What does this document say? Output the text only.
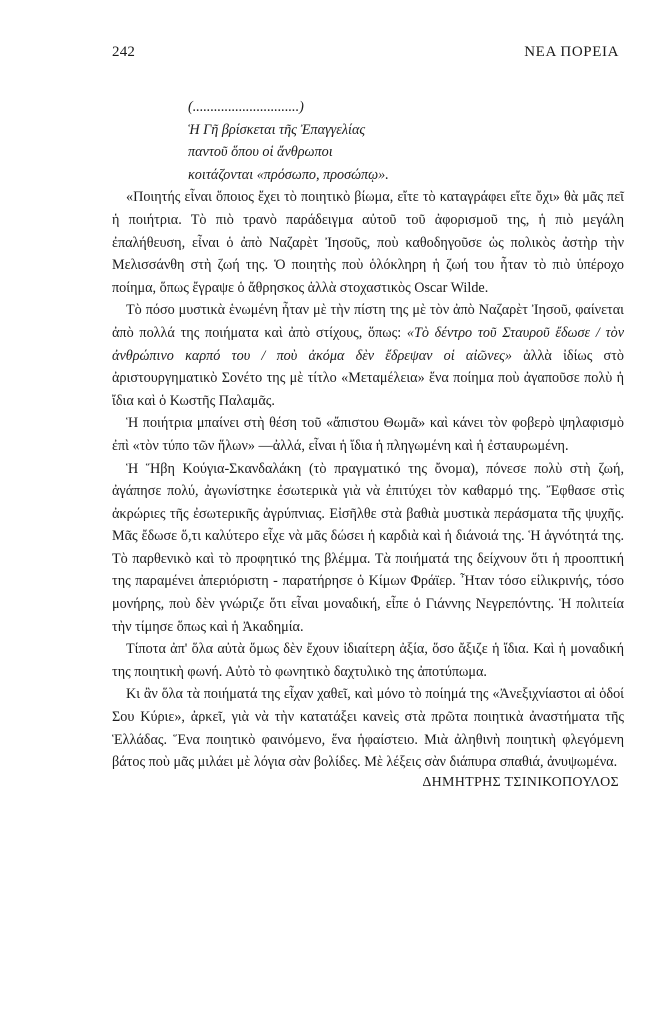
242	ΝΕΑ ΠΟΡΕΙΑ
(..............................)
Ἡ Γῆ βρίσκεται τῆς Ἐπαγγελίας
παντοῦ ὅπου οἱ ἄνθρωποι
κοιτάζονται «πρόσωπο, προσώπῳ».

«Ποιητής εἶναι ὅποιος ἔχει τὸ ποιητικὸ βίωμα, εἴτε τὸ καταγράφει εἴτε ὄχι» θὰ μᾶς πεῖ ἡ ποιήτρια. Τὸ πιὸ τρανὸ παράδειγμα αὐτοῦ τοῦ ἀφορισμοῦ της, ἡ πιὸ μεγάλη ἐπαλήθευση, εἶναι ὁ ἀπὸ Ναζαρὲτ Ἰησοῦς, ποὺ καθοδηγοῦσε ὡς πολικὸς ἀστὴρ τὴν Μελισσάνθη στὴ ζωή της. Ὁ ποιητὴς ποὺ ὁλόκληρη ἡ ζωή του ἦταν τὸ πιὸ ὑπέροχο ποίημα, ὅπως ἔγραψε ὁ ἄθρησκος ἀλλὰ στοχαστικὸς Oscar Wilde.

Τὸ πόσο μυστικὰ ἑνωμένη ἦταν μὲ τὴν πίστη της μὲ τὸν ἀπὸ Ναζαρὲτ Ἰησοῦ, φαίνεται ἀπὸ πολλά της ποιήματα καὶ ἀπὸ στίχους, ὅπως: «Τὸ δέντρο τοῦ Σταυροῦ ἔδωσε / τὸν ἀνθρώπινο καρπό του / ποὺ ἀκόμα δὲν ἔδρεψαν οἱ αἰῶνες» ἀλλὰ ἰδίως στὸ ἀριστουργηματικὸ Σονέτο της μὲ τίτλο «Μεταμέλεια» ἕνα ποίημα ποὺ ἀγαποῦσε πολὺ ἡ ἴδια καὶ ὁ Κωστῆς Παλαμᾶς.

Ἡ ποιήτρια μπαίνει στὴ θέση τοῦ «ἄπιστου Θωμᾶ» καὶ κάνει τὸν φοβερὸ ψηλαφισμὸ ἐπὶ «τὸν τύπο τῶν ἥλων» —ἀλλά, εἶναι ἡ ἴδια ἡ πληγωμένη καὶ ἡ ἐσταυρωμένη.

Ἡ Ἥβη Κούγια-Σκανδαλάκη (τὸ πραγματικό της ὄνομα), πόνεσε πολὺ στὴ ζωή, ἀγάπησε πολύ, ἀγωνίστηκε ἐσωτερικὰ γιὰ νὰ ἐπιτύχει τὸν καθαρμό της. Ἔφθασε στὶς ἀκρώριες τῆς ἐσωτερικῆς ἀγρύπνιας. Εἰσῆλθε στὰ βαθιὰ μυστικὰ περάσματα τῆς ψυχῆς. Μᾶς ἔδωσε ὅ,τι καλύτερο εἶχε νὰ μᾶς δώσει ἡ καρδιὰ καὶ ἡ διάνοιά της. Ἡ ἁγνότητά της. Τὸ παρθενικὸ καὶ τὸ προφητικό της βλέμμα. Τὰ ποιήματά της δείχνουν ὅτι ἡ προοπτική της παραμένει ἀπεριόριστη - παρατήρησε ὁ Κίμων Φράϊερ. Ἦταν τόσο εἰλικρινής, τόσο μονήρης, ποὺ δὲν γνώριζε ὅτι εἶναι μοναδική, εἶπε ὁ Γιάννης Νεγρεπόντης. Ἡ πολιτεία τὴν τίμησε ὅπως καὶ ἡ Ἀκαδημία.

Τίποτα ἀπ' ὅλα αὐτὰ ὅμως δὲν ἔχουν ἰδιαίτερη ἀξία, ὅσο ἄξιζε ἡ ἴδια. Καὶ ἡ μοναδική της ποιητικὴ φωνή. Αὐτὸ τὸ φωνητικὸ δαχτυλικὸ της ἀποτύπωμα.

Κι ἂν ὅλα τὰ ποιήματά της εἶχαν χαθεῖ, καὶ μόνο τὸ ποίημά της «Ἀνεξιχνίαστοι αἱ ὁδοί Σου Κύριε», ἀρκεῖ, γιὰ νὰ τὴν κατατάξει κανεὶς στὰ πρῶτα ποιητικὰ ἀναστήματα τῆς Ἑλλάδας. Ἕνα ποιητικὸ φαινόμενο, ἕνα ἡφαίστειο. Μιὰ ἀληθινὴ ποιητικὴ φλεγόμενη βάτος ποὺ μᾶς μιλάει μὲ λόγια σὰν βολίδες. Μὲ λέξεις σὰν διάπυρα σπαθιά, ἀνυψωμένα.

ΔΗΜΗΤΡΗΣ ΤΣΙΝΙΚΟΠΟΥΛΟΣ
